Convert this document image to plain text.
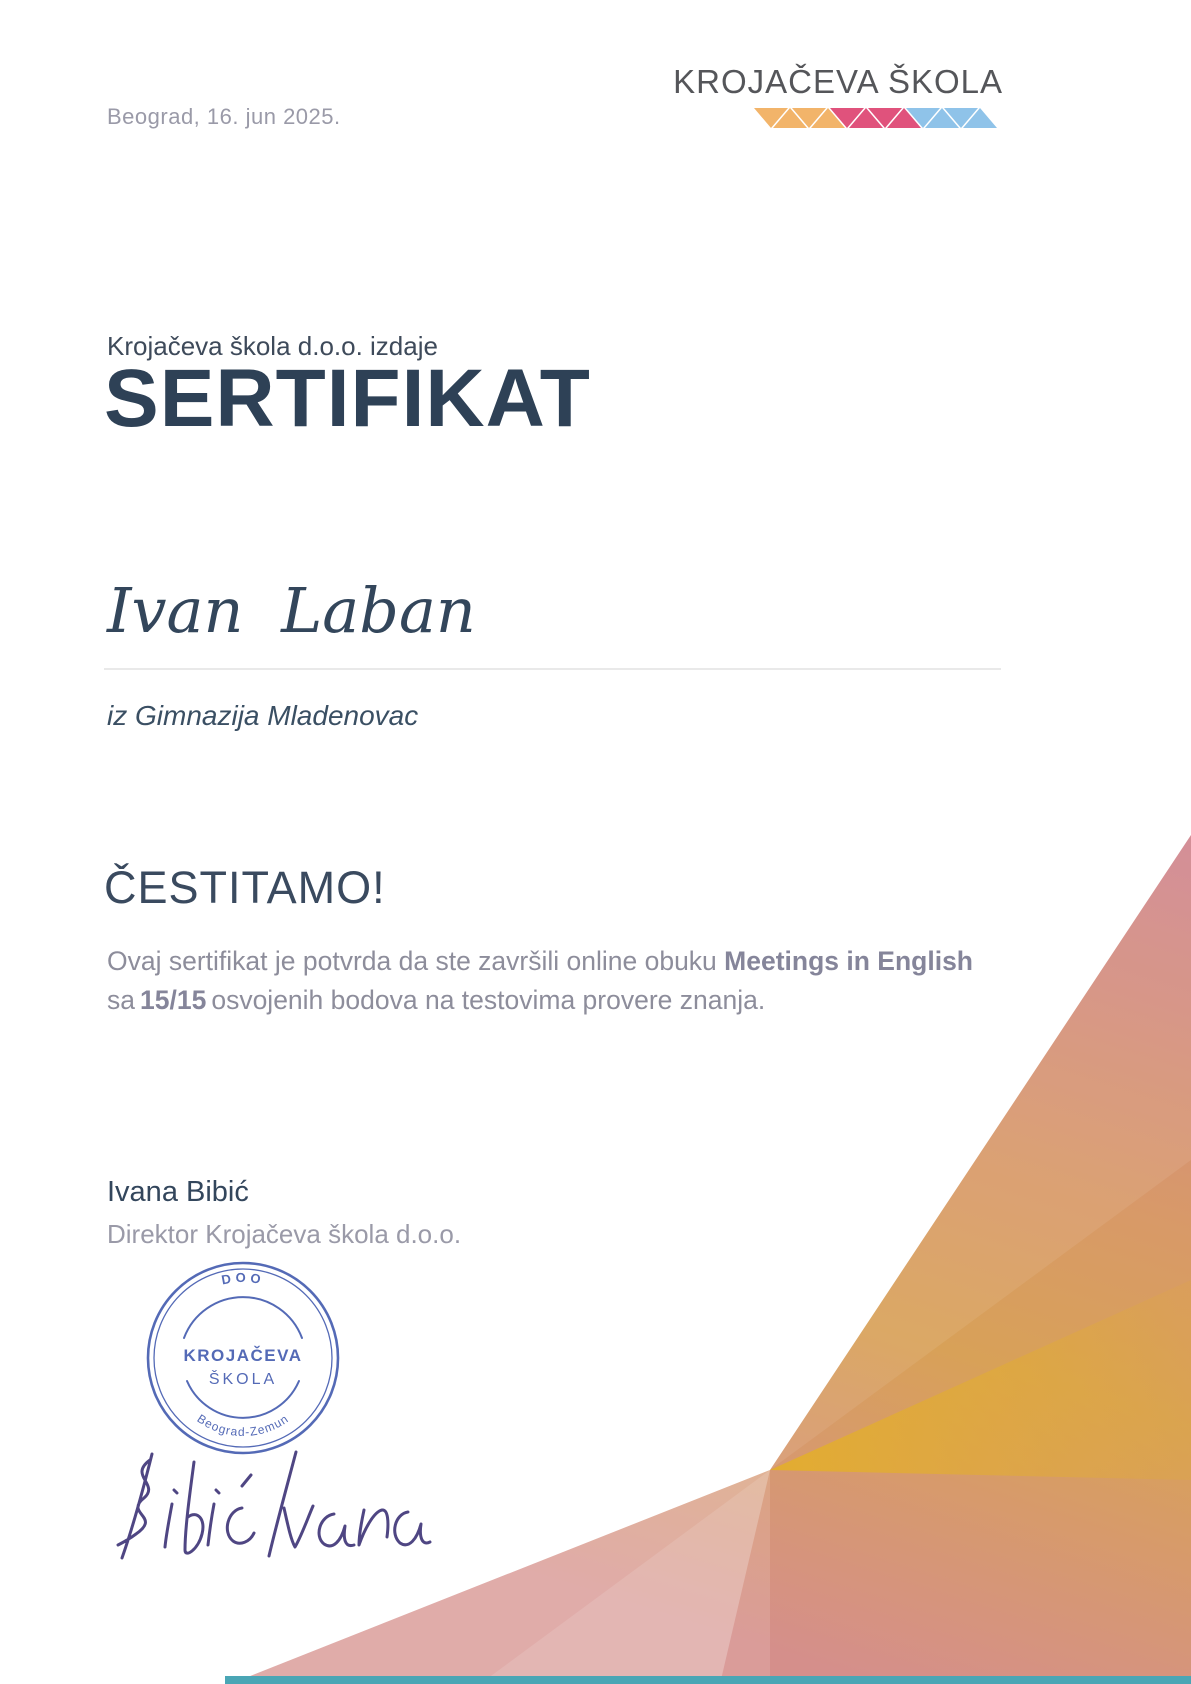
Beograd, 16. jun 2025.
KROJAČEVA ŠKOLA
Krojačeva škola d.o.o. izdaje
SERTIFIKAT
Ivan Laban
iz Gimnazija Mladenovac
ČESTITAMO!
Ovaj sertifikat je potvrda da ste završili online obuku Meetings in English
sa 15/15 osvojenih bodova na testovima provere znanja.
Ivana Bibić
Direktor Krojačeva škola d.o.o.
DOO
KROJAČEVA
ŠKOLA
Beograd-Zemun
